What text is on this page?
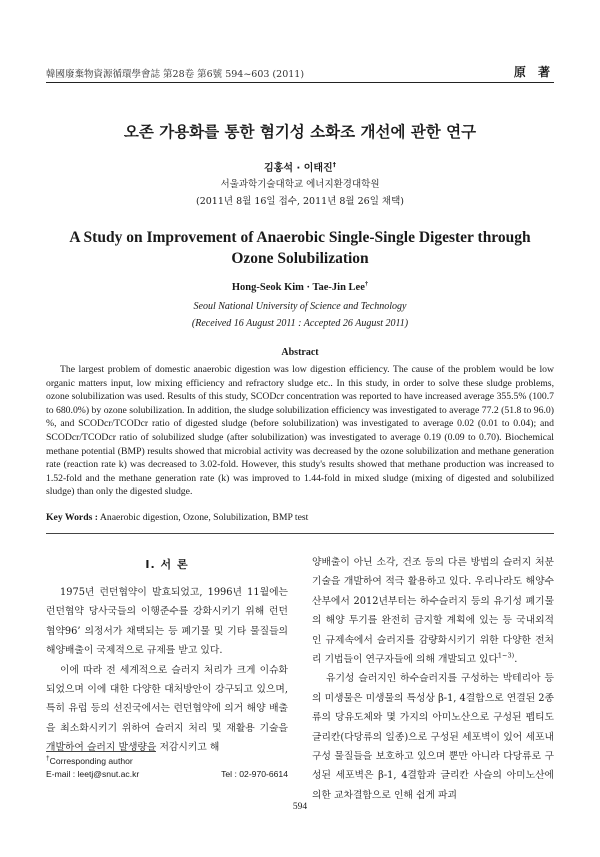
韓國廢棄物資源循環學會誌 第28卷 第6號 594~603 (2011)	原 著
오존 가용화를 통한 혐기성 소화조 개선에 관한 연구
김홍석 · 이태진†
서울과학기술대학교 에너지환경대학원
(2011년 8월 16일 접수, 2011년 8월 26일 채택)
A Study on Improvement of Anaerobic Single-Single Digester through Ozone Solubilization
Hong-Seok Kim · Tae-Jin Lee†
Seoul National University of Science and Technology
(Received 16 August 2011 : Accepted 26 August 2011)
Abstract

The largest problem of domestic anaerobic digestion was low digestion efficiency. The cause of the problem would be low organic matters input, low mixing efficiency and refractory sludge etc.. In this study, in order to solve these sludge problems, ozone solubilization was used. Results of this study, SCODcr concentration was reported to have increased average 355.5% (100.7 to 680.0%) by ozone solubilization. In addition, the sludge solubilization efficiency was investigated to average 77.2 (51.8 to 96.0) %, and SCODcr/TCODcr ratio of digested sludge (before solubilization) was investigated to average 0.02 (0.01 to 0.04); and SCODcr/TCODcr ratio of solubilized sludge (after solubilization) was investigated to average 0.19 (0.09 to 0.70). Biochemical methane potential (BMP) results showed that microbial activity was decreased by the ozone solubilization and methane generation rate (reaction rate k) was decreased to 3.02-fold. However, this study's results showed that methane production was increased to 1.52-fold and the methane generation rate (k) was improved to 1.44-fold in mixed sludge (mixing of digested and solubilized sludge) than only the digested sludge.

Key Words : Anaerobic digestion, Ozone, Solubilization, BMP test
I. 서 론

1975년 런던협약이 발효되었고, 1996년 11월에는 런던협약 당사국들의 이행준수를 강화시키기 위해 런던협약96’ 의정서가 채택되는 등 폐기물 및 기타 물질들의 해양배출이 국제적으로 규제를 받고 있다.

이에 따라 전 세계적으로 슬러지 처리가 크게 이슈화되었으며 이에 대한 다양한 대처방안이 강구되고 있으며, 특히 유럽 등의 선진국에서는 런던협약에 의거 해양 배출을 최소화시키기 위하여 슬러지 처리 및 재활용 기술을 개발하여 슬러지 발생량을 저감시키고 해

양배출이 아닌 소각, 건조 등의 다른 방법의 슬러지 처분기술을 개발하여 적극 활용하고 있다. 우리나라도 해양수산부에서 2012년부터는 하수슬러지 등의 유기성 폐기물의 해양 투기를 완전히 금지할 계획에 있는 등 국내외적인 규제속에서 슬러지를 감량화시키기 위한 다양한 전처리 기법들이 연구자들에 의해 개발되고 있다$^{1\sim 3)}$.

유기성 슬러지인 하수슬러지를 구성하는 박테리아 등의 미생물은 미생물의 특성상 β-1, 4결합으로 연결된 2종류의 당유도체와 몇 가지의 아미노산으로 구성된 펩티도글리칸(다당류의 일종)으로 구성된 세포벽이 있어 세포내 구성 물질들을 보호하고 있으며 뿐만 아니라 다당류로 구성된 세포벽은 β-1, 4결합과 글리칸 사슬의 아미노산에 의한 교차결합으로 인해 쉽게 파괴

†Corresponding author
E-mail : leetj@snut.ac.kr	Tel : 02-970-6614
594
